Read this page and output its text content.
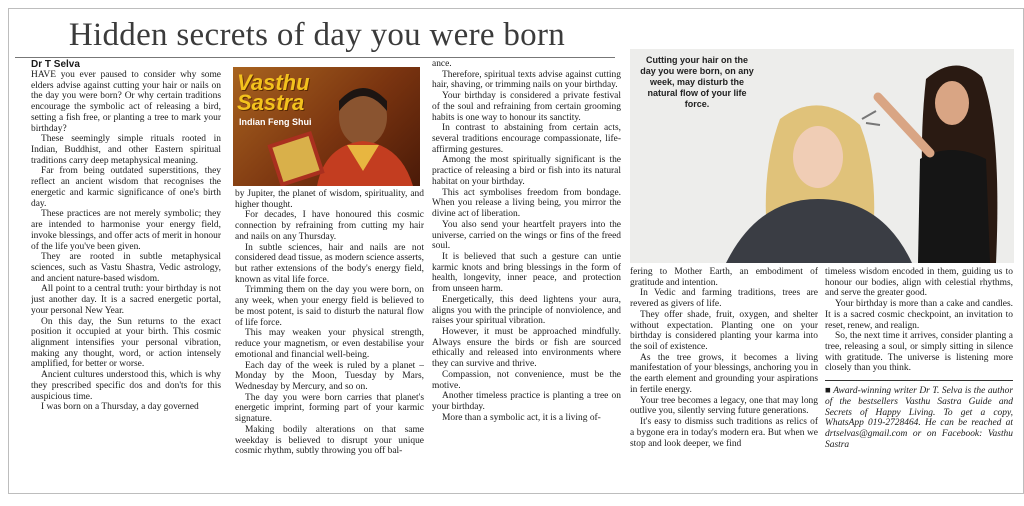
Hidden secrets of day you were born
Dr T Selva

HAVE you ever paused to consider why some elders advise against cutting your hair or nails on the day you were born? Or why certain traditions encourage the symbolic act of releasing a bird, setting a fish free, or planting a tree to mark your birthday?

These seemingly simple rituals rooted in Indian, Buddhist, and other Eastern spiritual traditions carry deep metaphysical meaning.

Far from being outdated superstitions, they reflect an ancient wisdom that recognises the energetic and karmic significance of one's birth day.

These practices are not merely symbolic; they are intended to harmonise your energy field, invoke blessings, and offer acts of merit in honour of the life you've been given.

They are rooted in subtle metaphysical sciences, such as Vastu Shastra, Vedic astrology, and ancient nature-based wisdom.

All point to a central truth: your birthday is not just another day. It is a sacred energetic portal, your personal New Year.

On this day, the Sun returns to the exact position it occupied at your birth. This cosmic alignment intensifies your personal vibration, making any thought, word, or action intensely amplified, for better or worse.

Ancient cultures understood this, which is why they prescribed specific dos and don'ts for this auspicious time.

I was born on a Thursday, a day governed

Vasthu
Sastra
Indian Feng Shui

by Jupiter, the planet of wisdom, spirituality, and higher thought.

For decades, I have honoured this cosmic connection by refraining from cutting my hair and nails on any Thursday.

In subtle sciences, hair and nails are not considered dead tissue, as modern science asserts, but rather extensions of the body's energy field, known as vital life force.

Trimming them on the day you were born, on any week, when your energy field is believed to be most potent, is said to disturb the natural flow of life force.

This may weaken your physical strength, reduce your magnetism, or even destabilise your emotional and financial well-being.

Each day of the week is ruled by a planet – Monday by the Moon, Tuesday by Mars, Wednesday by Mercury, and so on.

The day you were born carries that planet's energetic imprint, forming part of your karmic signature.

Making bodily alterations on that same weekday is believed to disrupt your unique cosmic rhythm, subtly throwing you off bal-

ance.

Therefore, spiritual texts advise against cutting hair, shaving, or trimming nails on your birthday.

Your birthday is considered a private festival of the soul and refraining from certain grooming habits is one way to honour its sanctity.

In contrast to abstaining from certain acts, several traditions encourage compassionate, life-affirming gestures.

Among the most spiritually significant is the practice of releasing a bird or fish into its natural habitat on your birthday.

This act symbolises freedom from bondage. When you release a living being, you mirror the divine act of liberation.

You also send your heartfelt prayers into the universe, carried on the wings or fins of the freed soul.

It is believed that such a gesture can untie karmic knots and bring blessings in the form of health, longevity, inner peace, and protection from unseen harm.

Energetically, this deed lightens your aura, aligns you with the principle of nonviolence, and raises your spiritual vibration.

However, it must be approached mindfully. Always ensure the birds or fish are sourced ethically and released into environments where they can survive and thrive.

Compassion, not convenience, must be the motive.

Another timeless practice is planting a tree on your birthday.

More than a symbolic act, it is a living of-

Cutting your hair on the day you were born, on any week, may disturb the natural flow of your life force.

fering to Mother Earth, an embodiment of gratitude and intention.

In Vedic and farming traditions, trees are revered as givers of life.

They offer shade, fruit, oxygen, and shelter without expectation. Planting one on your birthday is considered planting your karma into the soil of existence.

As the tree grows, it becomes a living manifestation of your blessings, anchoring you in the earth element and grounding your aspirations in fertile energy.

Your tree becomes a legacy, one that may long outlive you, silently serving future generations.

It's easy to dismiss such traditions as relics of a bygone era in today's modern era. But when we stop and look deeper, we find

timeless wisdom encoded in them, guiding us to honour our bodies, align with celestial rhythms, and serve the greater good.

Your birthday is more than a cake and candles. It is a sacred cosmic checkpoint, an invitation to reset, renew, and realign.

So, the next time it arrives, consider planting a tree, releasing a soul, or simply sitting in silence with gratitude. The universe is listening more closely than you think.

■ Award-winning writer Dr T. Selva is the author of the bestsellers Vasthu Sastra Guide and Secrets of Happy Living. To get a copy, WhatsApp 019-2728464. He can be reached at drtselvas@gmail.com or on Facebook: Vasthu Sastra
